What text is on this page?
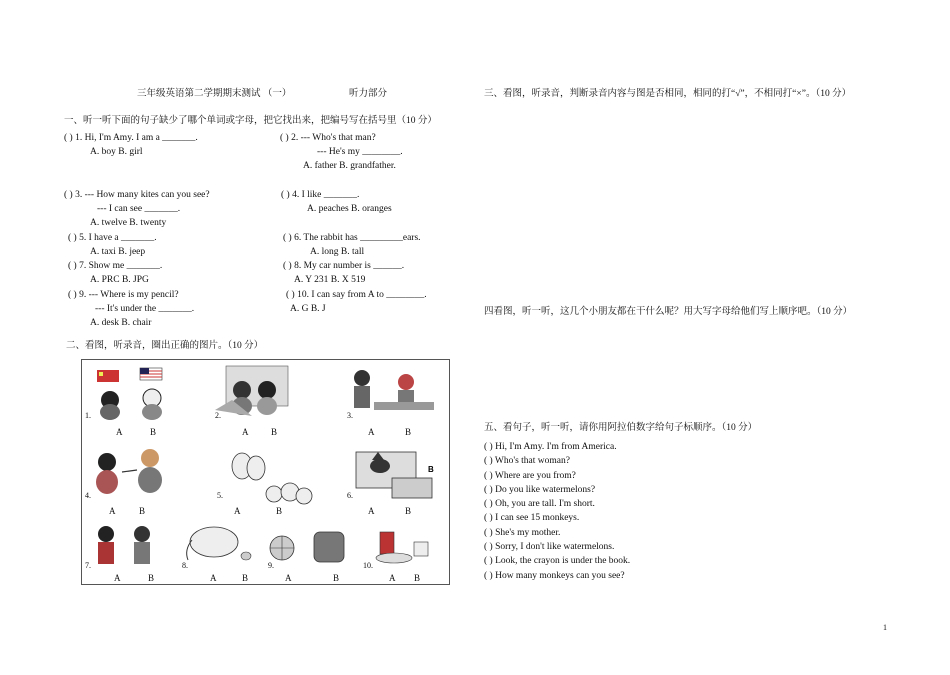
三年级英语第二学期期末测试 （一）	听力部分
一、听一听下面的句子缺少了哪个单词或字母，把它找出来，把编号写在括号里（10 分）
( ) 1. Hi, I'm Amy. I am a _______.
A. boy B. girl
( ) 2. --- Who's that man?
--- He's my ________.
A. father B. grandfather.
( ) 3. --- How many kites can you see?
--- I can see _______.
A. twelve B. twenty
( ) 4. I like _______.
A. peaches B. oranges
( ) 5. I have a _______.
A. taxi B. jeep
( ) 6. The rabbit has _________ears.
A. long B. tall
( ) 7. Show me _______.
A. PRC B. JPG
( ) 8. My car number is ______.
A. Y 231 B. X 519
( ) 9. --- Where is my pencil?
--- It's under the _______.
A. desk B. chair
( ) 10. I can say from A to ________.
A. G B. J
二、看图，听录音，圈出正确的图片。（10 分）
1.
A	B
2.
A	B
3.
A	B
4.
A	B
5.
A	B
B
6.
A	B
7.
A	B
8.
A	B
9.
A	B
10.
A B
三、看图，听录音，判断录音内容与图是否相同，相同的打“√”，不相同打“×”。（10 分）
四看图，听一听，这几个小朋友都在干什么呢？用大写字母给他们写上顺序吧。（10 分）
五、看句子，听一听，请你用阿拉伯数字给句子标顺序。（10 分）
( ) Hi, I'm Amy. I'm from America.
( ) Who's that woman?
( ) Where are you from?
( ) Do you like watermelons?
( ) Oh, you are tall. I'm short.
( ) I can see 15 monkeys.
( ) She's my mother.
( ) Sorry, I don't like watermelons.
( ) Look, the crayon is under the book.
( ) How many monkeys can you see?
1
